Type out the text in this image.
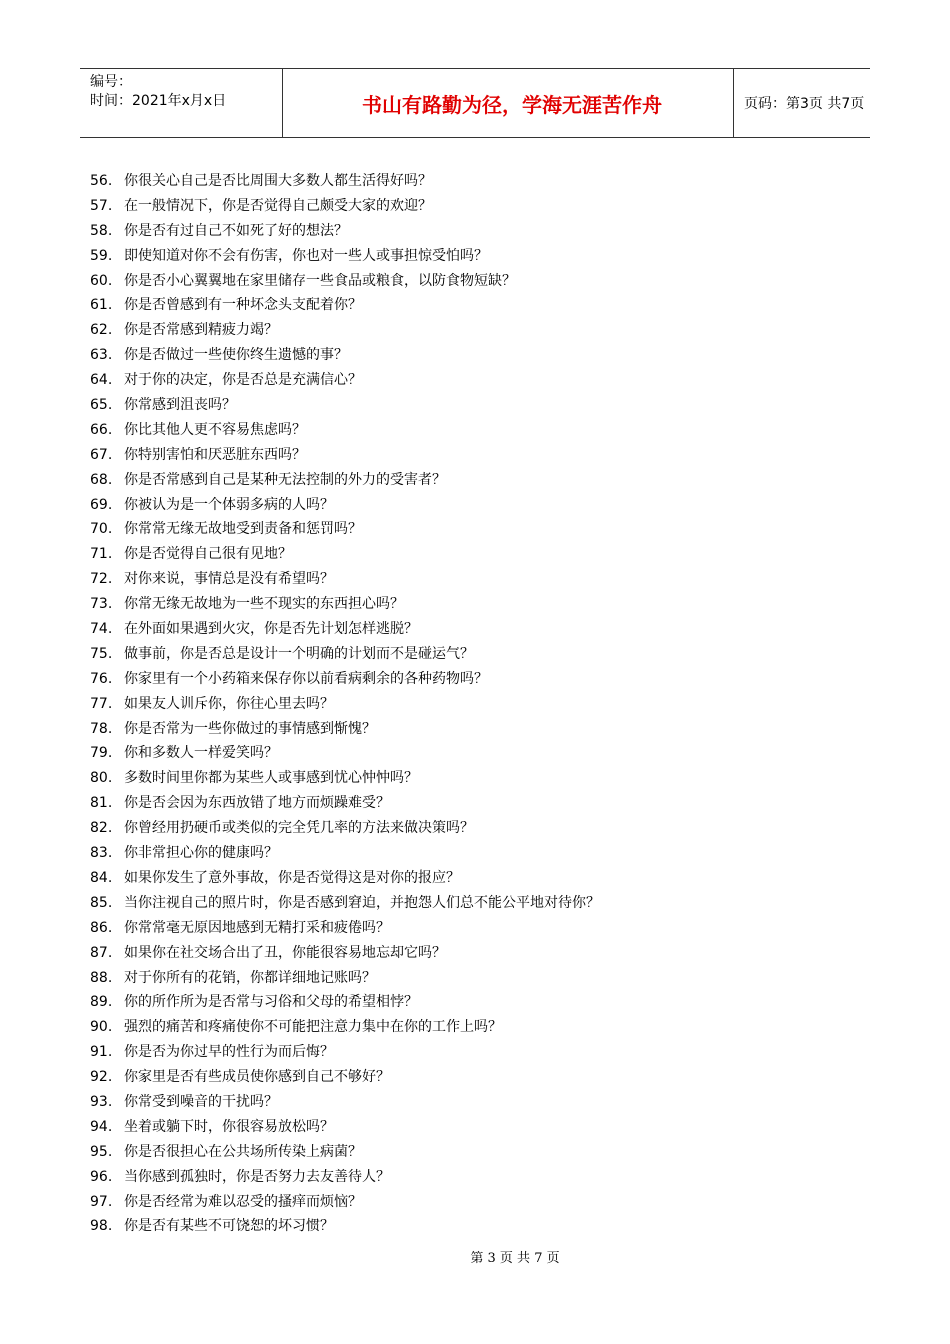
编号：
时间：2021年x月x日	书山有路勤为径，学海无涯苦作舟	页码：第3页 共7页
56. 你很关心自己是否比周围大多数人都生活得好吗？
57. 在一般情况下，你是否觉得自己颇受大家的欢迎？
58. 你是否有过自己不如死了好的想法？
59. 即使知道对你不会有伤害，你也对一些人或事担惊受怕吗？
60. 你是否小心翼翼地在家里储存一些食品或粮食，以防食物短缺？
61. 你是否曾感到有一种坏念头支配着你？
62. 你是否常感到精疲力竭？
63. 你是否做过一些使你终生遗憾的事？
64. 对于你的决定，你是否总是充满信心？
65. 你常感到沮丧吗？
66. 你比其他人更不容易焦虑吗？
67. 你特别害怕和厌恶脏东西吗？
68. 你是否常感到自己是某种无法控制的外力的受害者？
69. 你被认为是一个体弱多病的人吗？
70. 你常常无缘无故地受到责备和惩罚吗？
71. 你是否觉得自己很有见地？
72. 对你来说，事情总是没有希望吗？
73. 你常无缘无故地为一些不现实的东西担心吗？
74. 在外面如果遇到火灾，你是否先计划怎样逃脱？
75. 做事前，你是否总是设计一个明确的计划而不是碰运气？
76. 你家里有一个小药箱来保存你以前看病剩余的各种药物吗？
77. 如果友人训斥你，你往心里去吗？
78. 你是否常为一些你做过的事情感到惭愧？
79. 你和多数人一样爱笑吗？
80. 多数时间里你都为某些人或事感到忧心忡忡吗？
81. 你是否会因为东西放错了地方而烦躁难受？
82. 你曾经用扔硬币或类似的完全凭几率的方法来做决策吗？
83. 你非常担心你的健康吗？
84. 如果你发生了意外事故，你是否觉得这是对你的报应？
85. 当你注视自己的照片时，你是否感到窘迫，并抱怨人们总不能公平地对待你？
86. 你常常毫无原因地感到无精打采和疲倦吗？
87. 如果你在社交场合出了丑，你能很容易地忘却它吗？
88. 对于你所有的花销，你都详细地记账吗？
89. 你的所作所为是否常与习俗和父母的希望相悖？
90. 强烈的痛苦和疼痛使你不可能把注意力集中在你的工作上吗？
91. 你是否为你过早的性行为而后悔？
92. 你家里是否有些成员使你感到自己不够好？
93. 你常受到噪音的干扰吗？
94. 坐着或躺下时，你很容易放松吗？
95. 你是否很担心在公共场所传染上病菌？
96. 当你感到孤独时，你是否努力去友善待人？
97. 你是否经常为难以忍受的搔痒而烦恼？
98. 你是否有某些不可饶恕的坏习惯？
第 3 页 共 7 页
